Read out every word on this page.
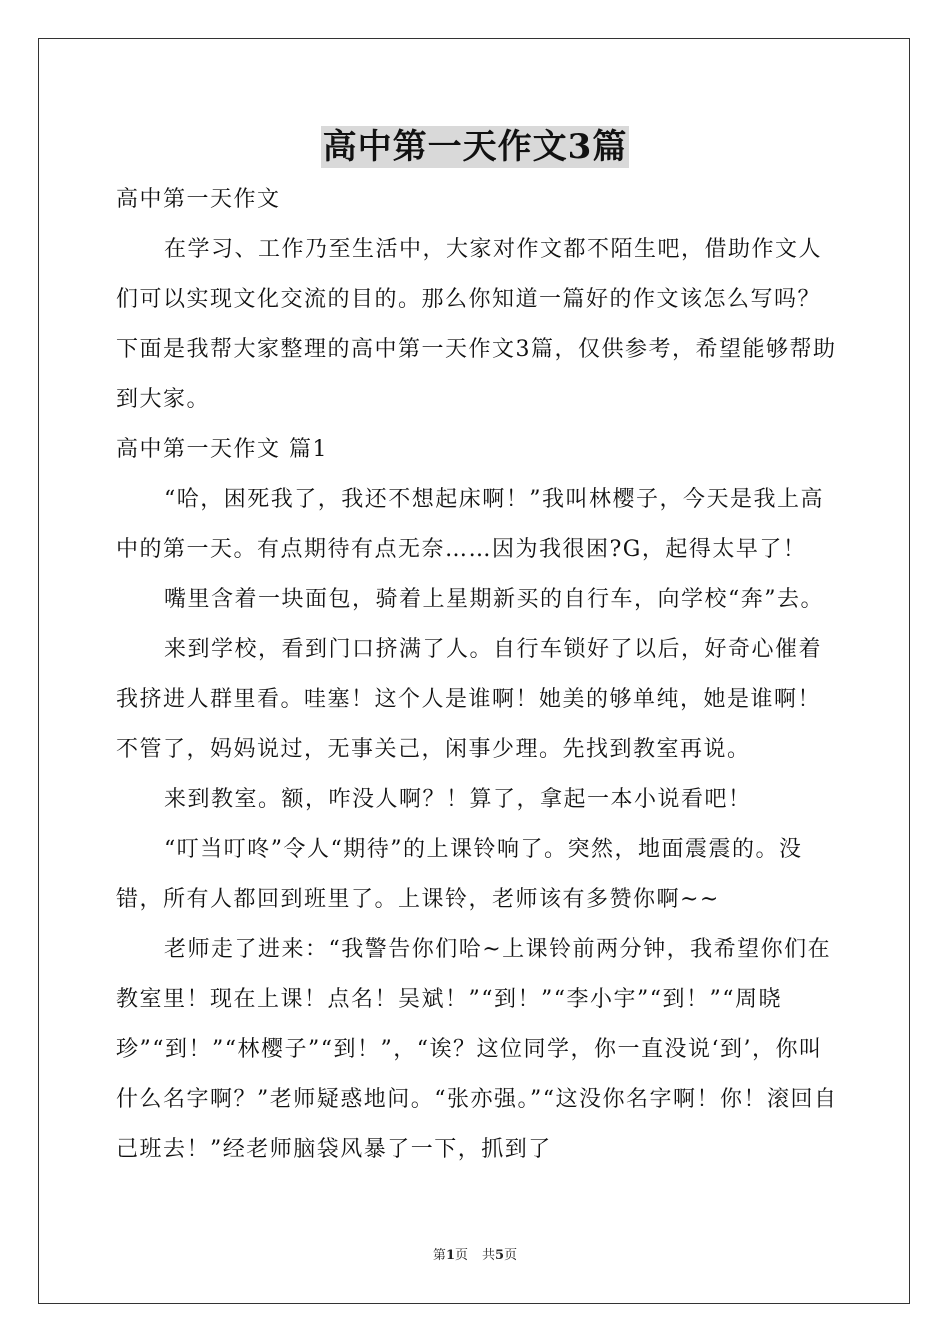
高中第一天作文3篇

高中第一天作文

在学习、工作乃至生活中，大家对作文都不陌生吧，借助作文人们可以实现文化交流的目的。那么你知道一篇好的作文该怎么写吗？下面是我帮大家整理的高中第一天作文3篇，仅供参考，希望能够帮助到大家。

高中第一天作文 篇1

“哈，困死我了，我还不想起床啊！”我叫林樱子，今天是我上高中的第一天。有点期待有点无奈……因为我很困?G，起得太早了！

嘴里含着一块面包，骑着上星期新买的自行车，向学校“奔”去。

来到学校，看到门口挤满了人。自行车锁好了以后，好奇心催着我挤进人群里看。哇塞！这个人是谁啊！她美的够单纯，她是谁啊！不管了，妈妈说过，无事关己，闲事少理。先找到教室再说。

来到教室。额，咋没人啊？！算了，拿起一本小说看吧！

“叮当叮咚”令人“期待”的上课铃响了。突然，地面震震的。没错，所有人都回到班里了。上课铃，老师该有多赞你啊~~

老师走了进来：“我警告你们哈~上课铃前两分钟，我希望你们在教室里！现在上课！点名！吴斌！”“到！”“李小宇”“到！”“周晓珍”“到！”“林樱子”“到！”，“诶？这位同学，你一直没说‘到’，你叫什么名字啊？”老师疑惑地问。“张亦强。”“这没你名字啊！你！滚回自己班去！”经老师脑袋风暴了一下，抓到了

第1页 共5页
